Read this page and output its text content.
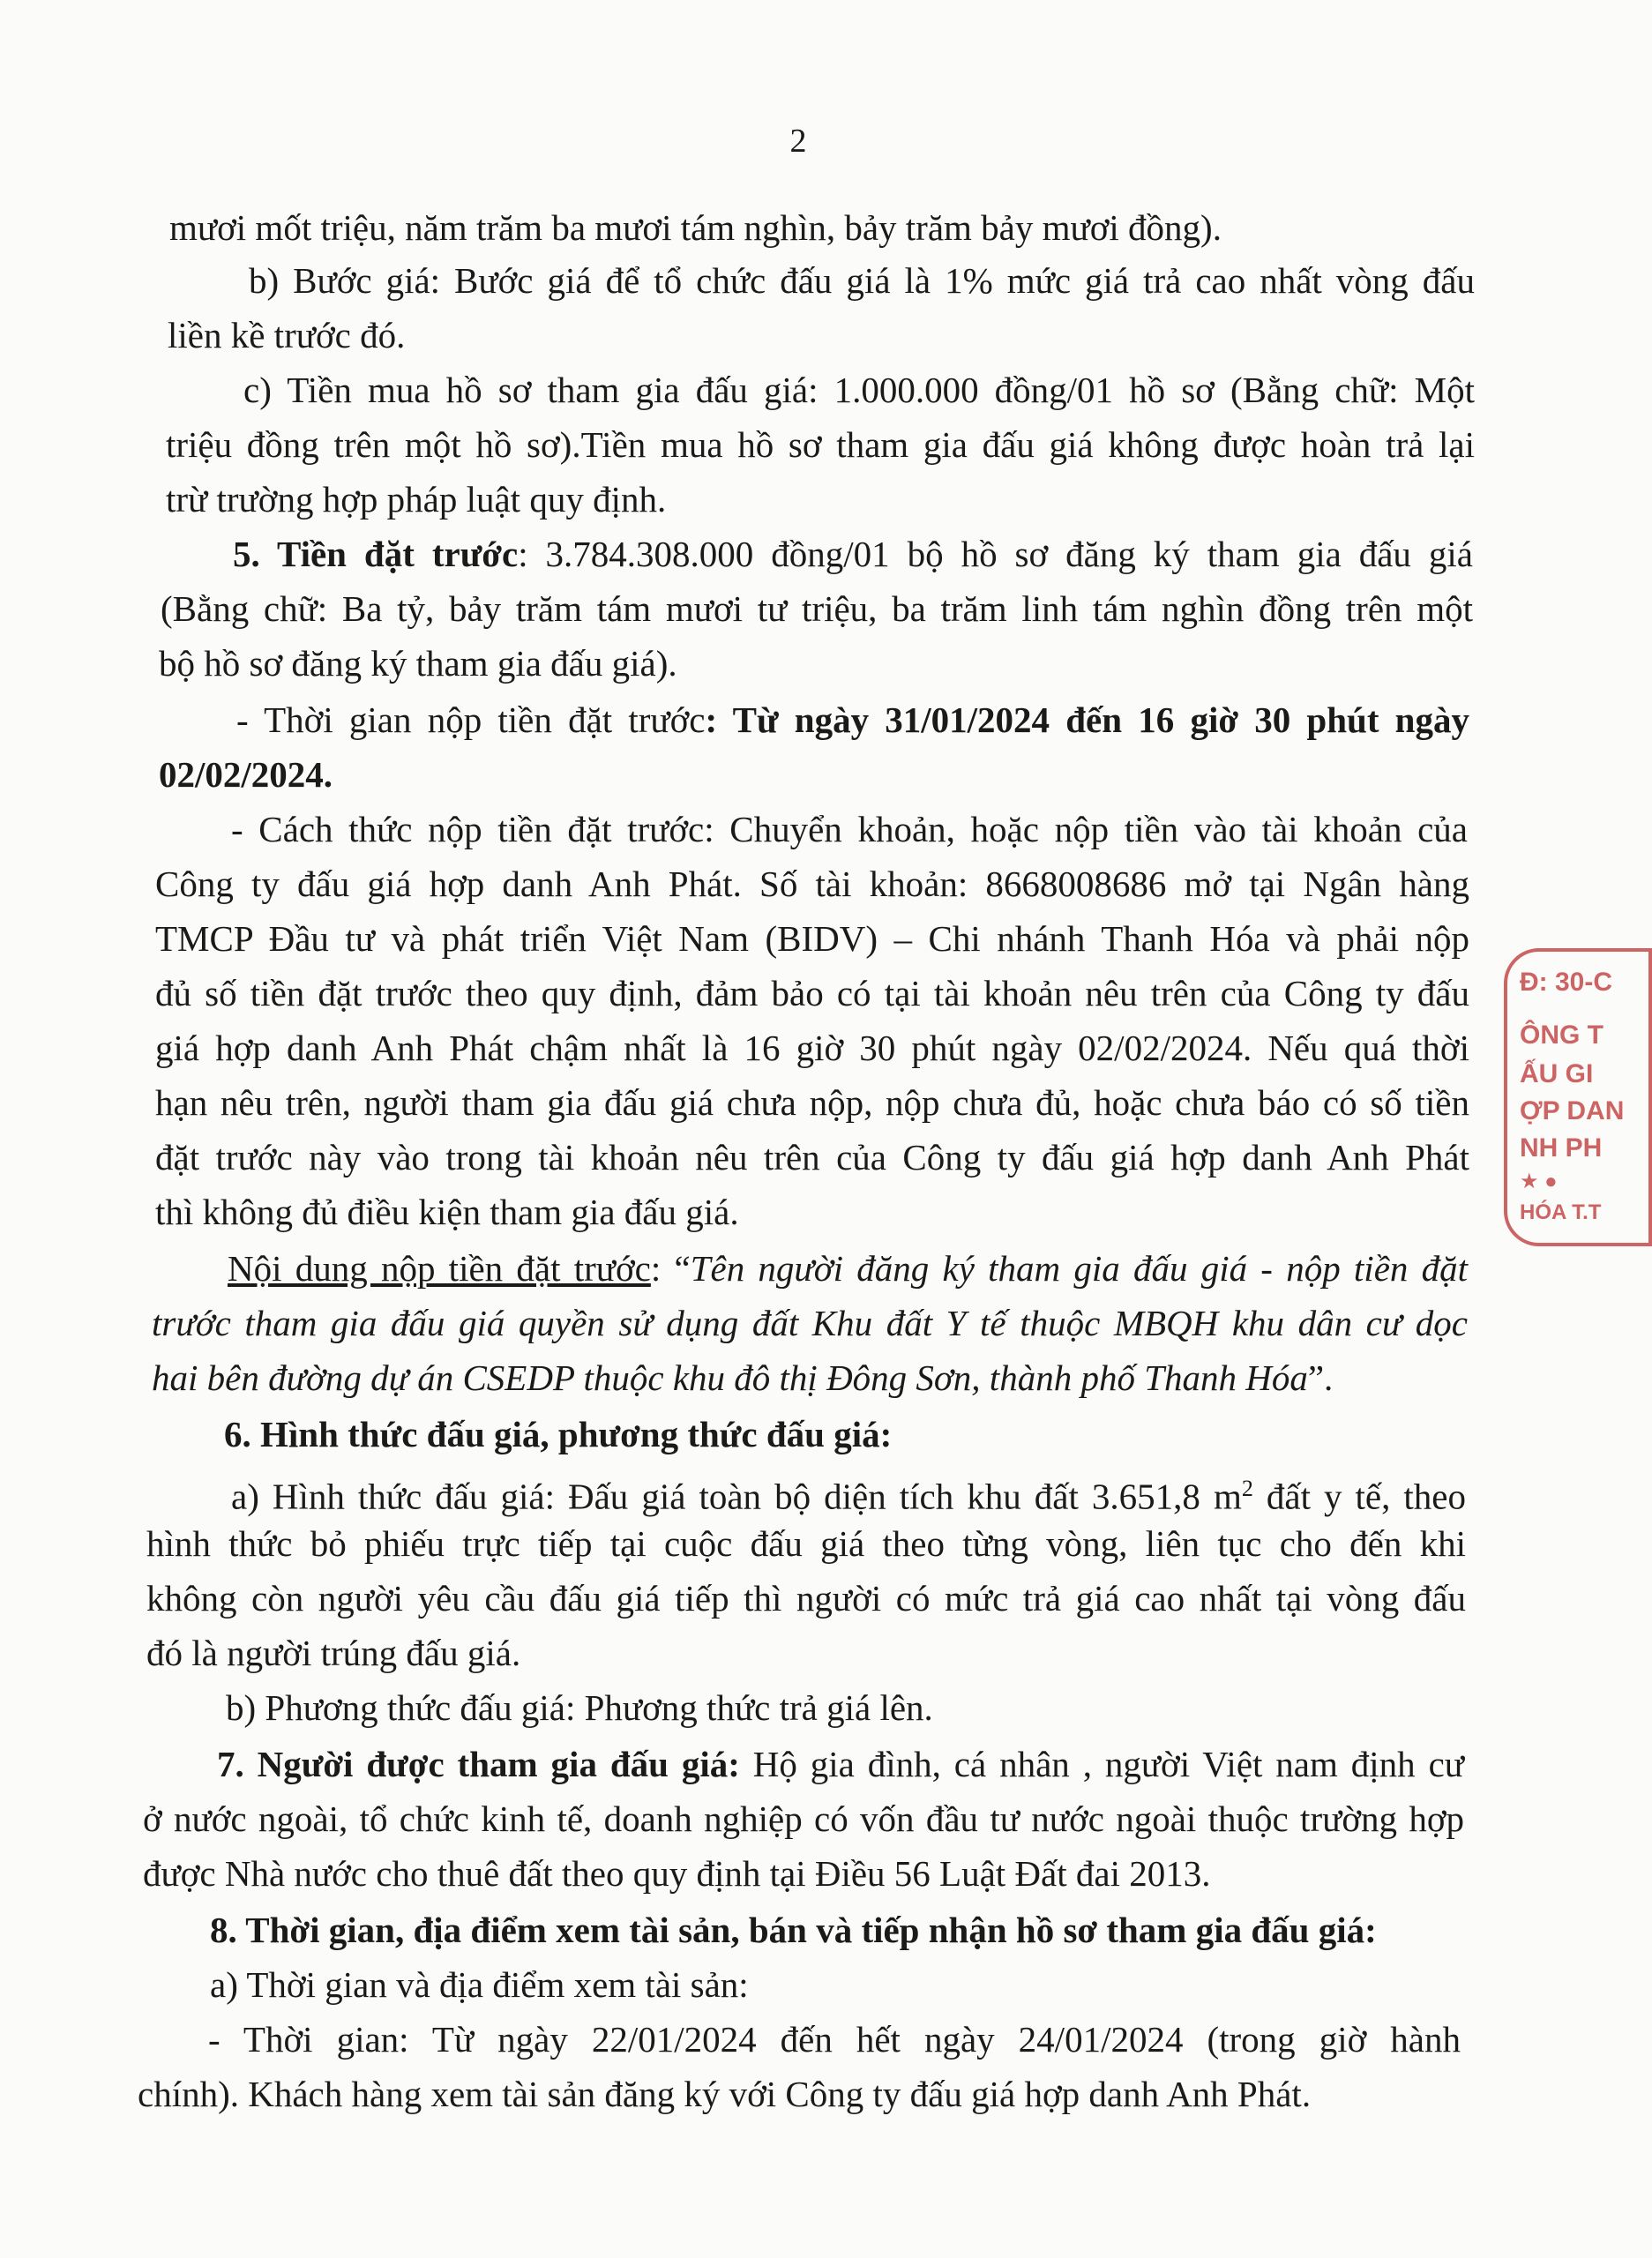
2
mươi mốt triệu, năm trăm ba mươi tám nghìn, bảy trăm bảy mươi đồng).
b) Bước giá: Bước giá để tổ chức đấu giá là 1% mức giá trả cao nhất vòng đấu
liền kề trước đó.
c) Tiền mua hồ sơ tham gia đấu giá: 1.000.000 đồng/01 hồ sơ (Bằng chữ: Một
triệu đồng trên một hồ sơ).Tiền mua hồ sơ tham gia đấu giá không được hoàn trả lại
trừ trường hợp pháp luật quy định.
5. Tiền đặt trước: 3.784.308.000 đồng/01 bộ hồ sơ đăng ký tham gia đấu giá
(Bằng chữ: Ba tỷ, bảy trăm tám mươi tư triệu, ba trăm linh tám nghìn đồng trên một
bộ hồ sơ đăng ký tham gia đấu giá).
- Thời gian nộp tiền đặt trước: Từ ngày 31/01/2024 đến 16 giờ 30 phút ngày
02/02/2024.
- Cách thức nộp tiền đặt trước: Chuyển khoản, hoặc nộp tiền vào tài khoản của
Công ty đấu giá hợp danh Anh Phát. Số tài khoản: 8668008686 mở tại Ngân hàng
TMCP Đầu tư và phát triển Việt Nam (BIDV) – Chi nhánh Thanh Hóa và phải nộp
đủ số tiền đặt trước theo quy định, đảm bảo có tại tài khoản nêu trên của Công ty đấu
giá hợp danh Anh Phát chậm nhất là 16 giờ 30 phút ngày 02/02/2024. Nếu quá thời
hạn nêu trên, người tham gia đấu giá chưa nộp, nộp chưa đủ, hoặc chưa báo có số tiền
đặt trước này vào trong tài khoản nêu trên của Công ty đấu giá hợp danh Anh Phát
thì không đủ điều kiện tham gia đấu giá.
Nội dung nộp tiền đặt trước: “Tên người đăng ký tham gia đấu giá - nộp tiền đặt
trước tham gia đấu giá quyền sử dụng đất Khu đất Y tế thuộc MBQH khu dân cư dọc
hai bên đường dự án CSEDP thuộc khu đô thị Đông Sơn, thành phố Thanh Hóa”.
6. Hình thức đấu giá, phương thức đấu giá:
a) Hình thức đấu giá: Đấu giá toàn bộ diện tích khu đất 3.651,8 $m^2$ đất y tế, theo
hình thức bỏ phiếu trực tiếp tại cuộc đấu giá theo từng vòng, liên tục cho đến khi
không còn người yêu cầu đấu giá tiếp thì người có mức trả giá cao nhất tại vòng đấu
đó là người trúng đấu giá.
b) Phương thức đấu giá: Phương thức trả giá lên.
7. Người được tham gia đấu giá: Hộ gia đình, cá nhân , người Việt nam định cư
ở nước ngoài, tổ chức kinh tế, doanh nghiệp có vốn đầu tư nước ngoài thuộc trường hợp
được Nhà nước cho thuê đất theo quy định tại Điều 56 Luật Đất đai 2013.
8. Thời gian, địa điểm xem tài sản, bán và tiếp nhận hồ sơ tham gia đấu giá:
a) Thời gian và địa điểm xem tài sản:
- Thời gian: Từ ngày 22/01/2024 đến hết ngày 24/01/2024 (trong giờ hành
chính). Khách hàng xem tài sản đăng ký với Công ty đấu giá hợp danh Anh Phát.
Đ: 30-C
ÔNG T
ẤU GI
ỢP DAN
NH PH
★ ●
HÓA T.T
